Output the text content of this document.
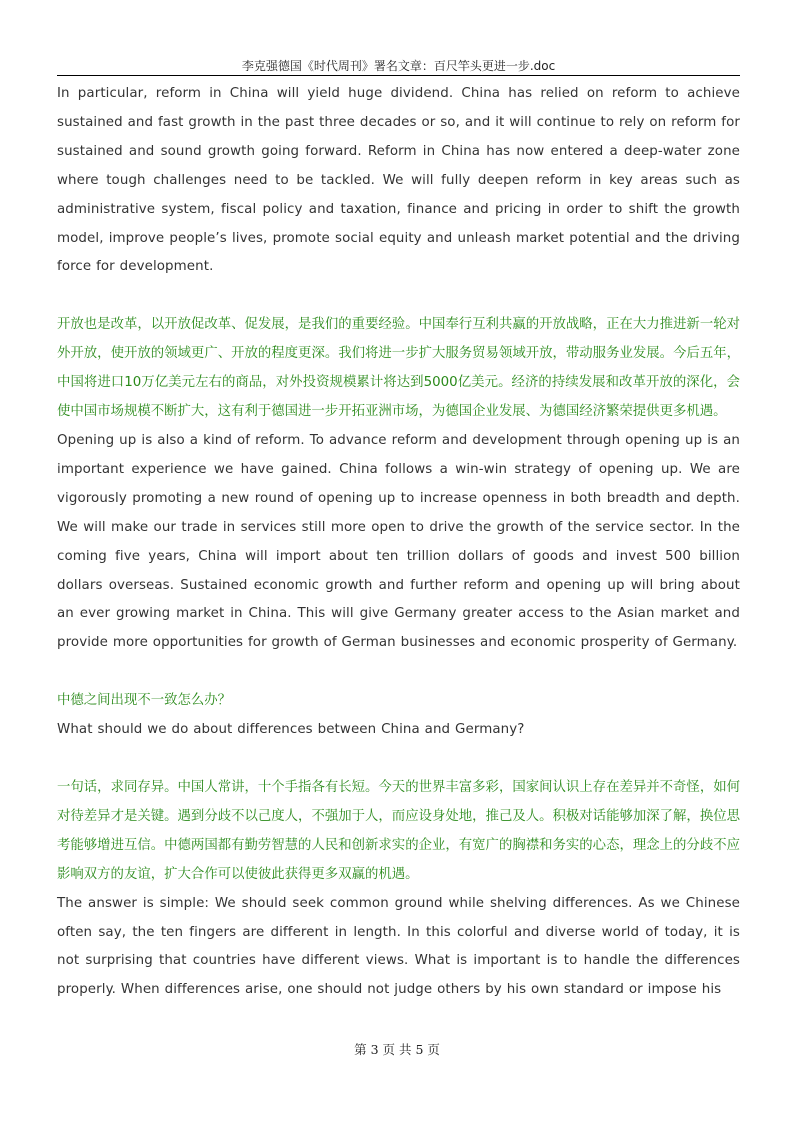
李克强德国《时代周刊》署名文章：百尺竿头更进一步.doc

In particular, reform in China will yield huge dividend. China has relied on reform to achieve sustained and fast growth in the past three decades or so, and it will continue to rely on reform for sustained and sound growth going forward. Reform in China has now entered a deep-water zone where tough challenges need to be tackled. We will fully deepen reform in key areas such as administrative system, fiscal policy and taxation, finance and pricing in order to shift the growth model, improve people’s lives, promote social equity and unleash market potential and the driving force for development.

开放也是改革，以开放促改革、促发展，是我们的重要经验。中国奉行互利共赢的开放战略，正在大力推进新一轮对外开放，使开放的领域更广、开放的程度更深。我们将进一步扩大服务贸易领域开放，带动服务业发展。今后五年，中国将进口10万亿美元左右的商品，对外投资规模累计将达到5000亿美元。经济的持续发展和改革开放的深化，会使中国市场规模不断扩大，这有利于德国进一步开拓亚洲市场，为德国企业发展、为德国经济繁荣提供更多机遇。

Opening up is also a kind of reform. To advance reform and development through opening up is an important experience we have gained. China follows a win-win strategy of opening up. We are vigorously promoting a new round of opening up to increase openness in both breadth and depth. We will make our trade in services still more open to drive the growth of the service sector. In the coming five years, China will import about ten trillion dollars of goods and invest 500 billion dollars overseas. Sustained economic growth and further reform and opening up will bring about an ever growing market in China. This will give Germany greater access to the Asian market and provide more opportunities for growth of German businesses and economic prosperity of Germany.

中德之间出现不一致怎么办？

What should we do about differences between China and Germany?

一句话，求同存异。中国人常讲，十个手指各有长短。今天的世界丰富多彩，国家间认识上存在差异并不奇怪，如何对待差异才是关键。遇到分歧不以己度人，不强加于人，而应设身处地，推己及人。积极对话能够加深了解，换位思考能够增进互信。中德两国都有勤劳智慧的人民和创新求实的企业，有宽广的胸襟和务实的心态，理念上的分歧不应影响双方的友谊，扩大合作可以使彼此获得更多双赢的机遇。

The answer is simple: We should seek common ground while shelving differences. As we Chinese often say, the ten fingers are different in length. In this colorful and diverse world of today, it is not surprising that countries have different views. What is important is to handle the differences properly. When differences arise, one should not judge others by his own standard or impose his

第 3 页 共 5 页
